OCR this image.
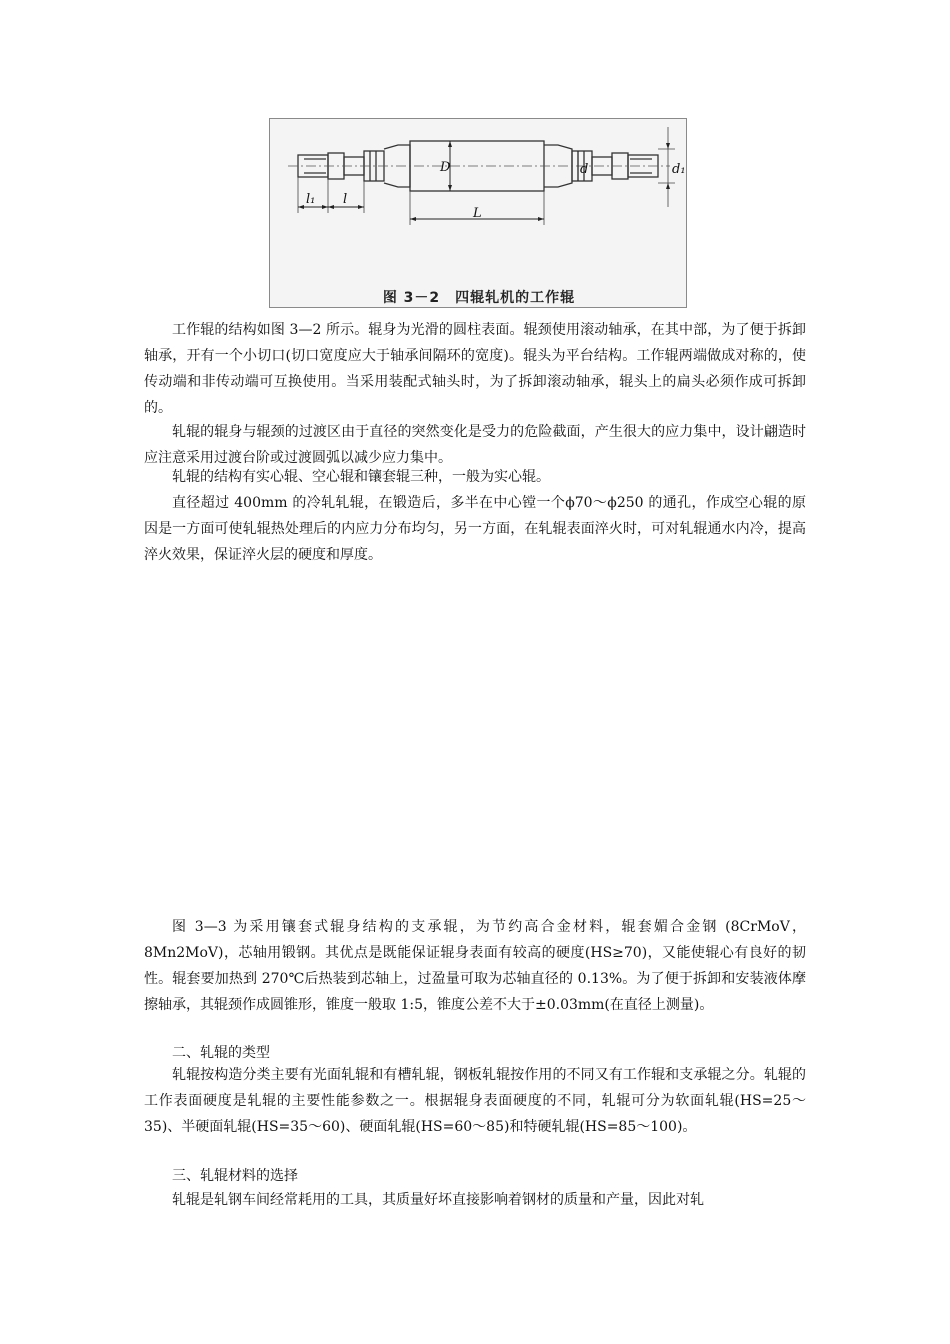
l₁ l
L
D	d	d₁
图 3－2　四辊轧机的工作辊

工作辊的结构如图 3—2 所示。辊身为光滑的圆柱表面。辊颈使用滚动轴承，在其中部，为了便于拆卸轴承，开有一个小切口(切口宽度应大于轴承间隔环的宽度)。辊头为平台结构。工作辊两端做成对称的，使传动端和非传动端可互换使用。当采用装配式轴头时，为了拆卸滚动轴承，辊头上的扁头必须作成可拆卸的。

轧辊的辊身与辊颈的过渡区由于直径的突然变化是受力的危险截面，产生很大的应力集中，设计翩造时应注意采用过渡台阶或过渡圆弧以减少应力集中。

轧辊的结构有实心辊、空心辊和镶套辊三种，一般为实心辊。

直径超过 400mm 的冷轧轧辊，在锻造后，多半在中心镗一个ϕ70～ϕ250 的通孔，作成空心辊的原因是一方面可使轧辊热处理后的内应力分布均匀，另一方面，在轧辊表面淬火时，可对轧辊通水内冷，提高淬火效果，保证淬火层的硬度和厚度。

图 3—3 为采用镶套式辊身结构的支承辊，为节约高合金材料，辊套媚合金钢 (8CrMoV，8Mn2MoV)，芯轴用锻钢。其优点是既能保证辊身表面有较高的硬度(HS≥70)，又能使辊心有良好的韧性。辊套要加热到 270℃后热装到芯轴上，过盈量可取为芯轴直径的 0.13%。为了便于拆卸和安装液体摩擦轴承，其辊颈作成圆锥形，锥度一般取 1:5，锥度公差不大于±0.03mm(在直径上测量)。

二、轧辊的类型

轧辊按构造分类主要有光面轧辊和有槽轧辊，钢板轧辊按作用的不同又有工作辊和支承辊之分。轧辊的工作表面硬度是轧辊的主要性能参数之一。根据辊身表面硬度的不同，轧辊可分为软面轧辊(HS=25～35)、半硬面轧辊(HS=35～60)、硬面轧辊(HS=60～85)和特硬轧辊(HS=85～100)。

三、轧辊材料的选择

轧辊是轧钢车间经常耗用的工具，其质量好坏直接影响着钢材的质量和产量，因此对轧
